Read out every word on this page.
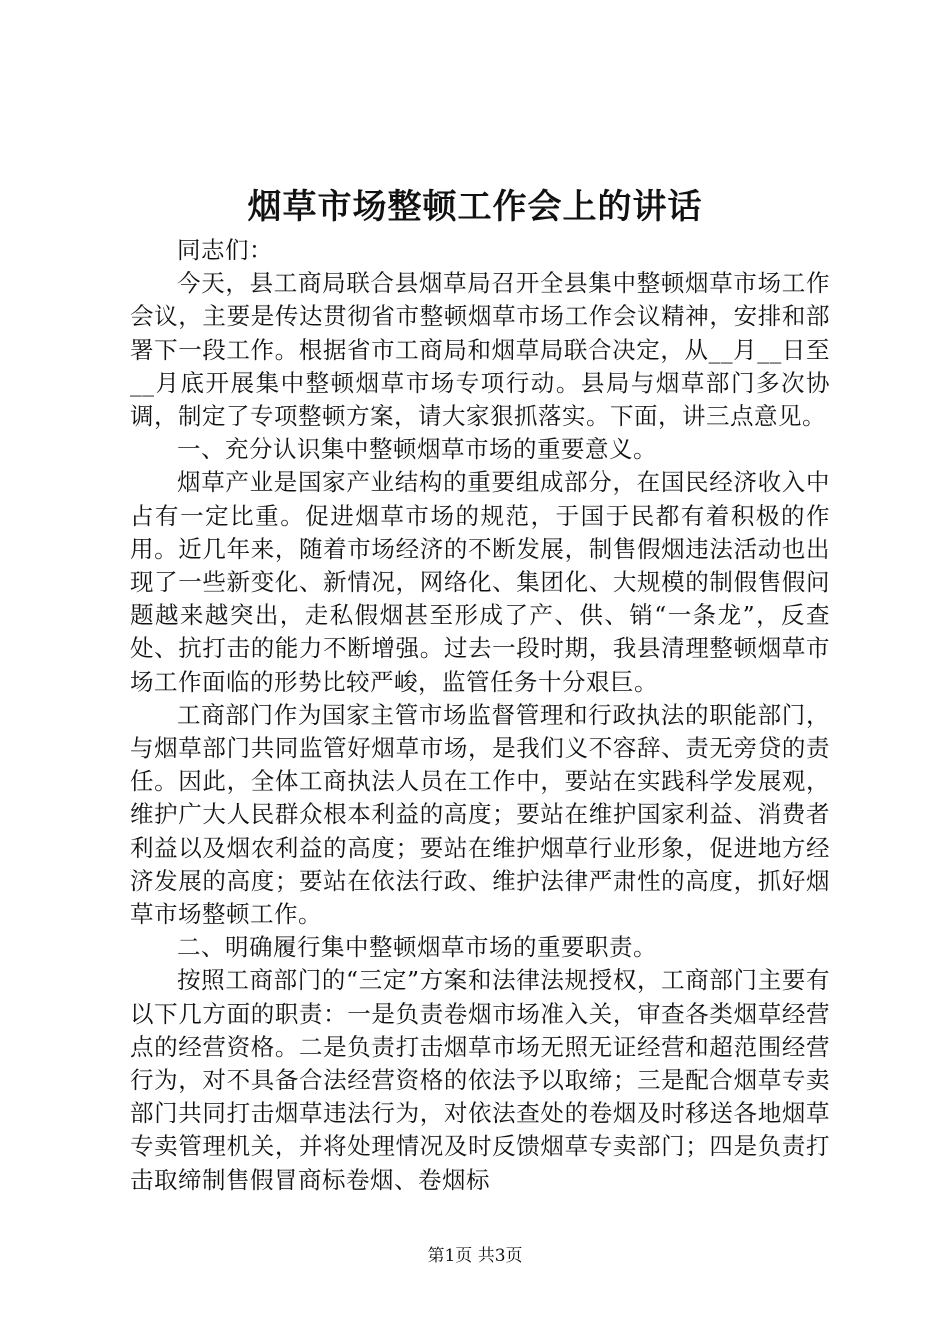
烟草市场整顿工作会上的讲话

同志们：

今天，县工商局联合县烟草局召开全县集中整顿烟草市场工作会议，主要是传达贯彻省市整顿烟草市场工作会议精神，安排和部署下一段工作。根据省市工商局和烟草局联合决定，从__月__日至__月底开展集中整顿烟草市场专项行动。县局与烟草部门多次协调，制定了专项整顿方案，请大家狠抓落实。下面，讲三点意见。

一、充分认识集中整顿烟草市场的重要意义。

烟草产业是国家产业结构的重要组成部分，在国民经济收入中占有一定比重。促进烟草市场的规范，于国于民都有着积极的作用。近几年来，随着市场经济的不断发展，制售假烟违法活动也出现了一些新变化、新情况，网络化、集团化、大规模的制假售假问题越来越突出，走私假烟甚至形成了产、供、销“一条龙”，反查处、抗打击的能力不断增强。过去一段时期，我县清理整顿烟草市场工作面临的形势比较严峻，监管任务十分艰巨。

工商部门作为国家主管市场监督管理和行政执法的职能部门，与烟草部门共同监管好烟草市场，是我们义不容辞、责无旁贷的责任。因此，全体工商执法人员在工作中，要站在实践科学发展观，维护广大人民群众根本利益的高度；要站在维护国家利益、消费者利益以及烟农利益的高度；要站在维护烟草行业形象，促进地方经济发展的高度；要站在依法行政、维护法律严肃性的高度，抓好烟草市场整顿工作。

二、明确履行集中整顿烟草市场的重要职责。

按照工商部门的“三定”方案和法律法规授权，工商部门主要有以下几方面的职责：一是负责卷烟市场准入关，审查各类烟草经营点的经营资格。二是负责打击烟草市场无照无证经营和超范围经营行为，对不具备合法经营资格的依法予以取缔；三是配合烟草专卖部门共同打击烟草违法行为，对依法查处的卷烟及时移送各地烟草专卖管理机关，并将处理情况及时反馈烟草专卖部门；四是负责打击取缔制售假冒商标卷烟、卷烟标

第1页 共3页
